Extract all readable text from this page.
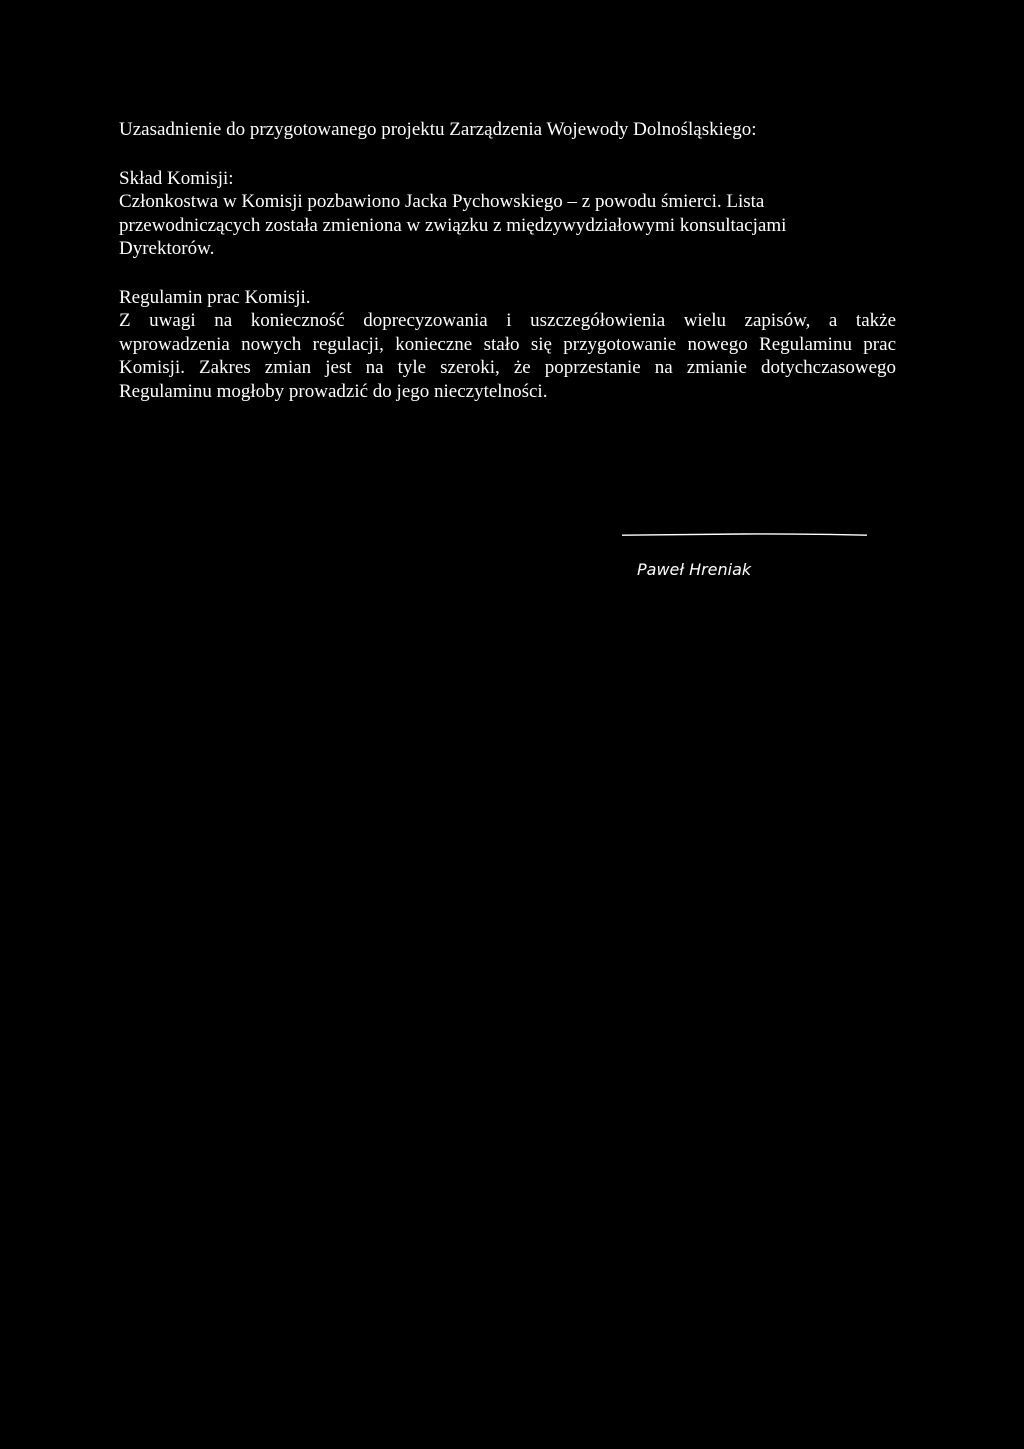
Uzasadnienie do przygotowanego projektu Zarządzenia Wojewody Dolnośląskiego:

Skład Komisji:

Członkostwa w Komisji pozbawiono Jacka Pychowskiego – z powodu śmierci. Lista

przewodniczących została zmieniona w związku z międzywydziałowymi konsultacjami

Dyrektorów.

Regulamin prac Komisji.

Z uwagi na konieczność doprecyzowania i uszczegółowienia wielu zapisów, a także

wprowadzenia nowych regulacji, konieczne stało się przygotowanie nowego Regulaminu prac

Komisji. Zakres zmian jest na tyle szeroki, że poprzestanie na zmianie dotychczasowego

Regulaminu mogłoby prowadzić do jego nieczytelności.

Paweł Hreniak
